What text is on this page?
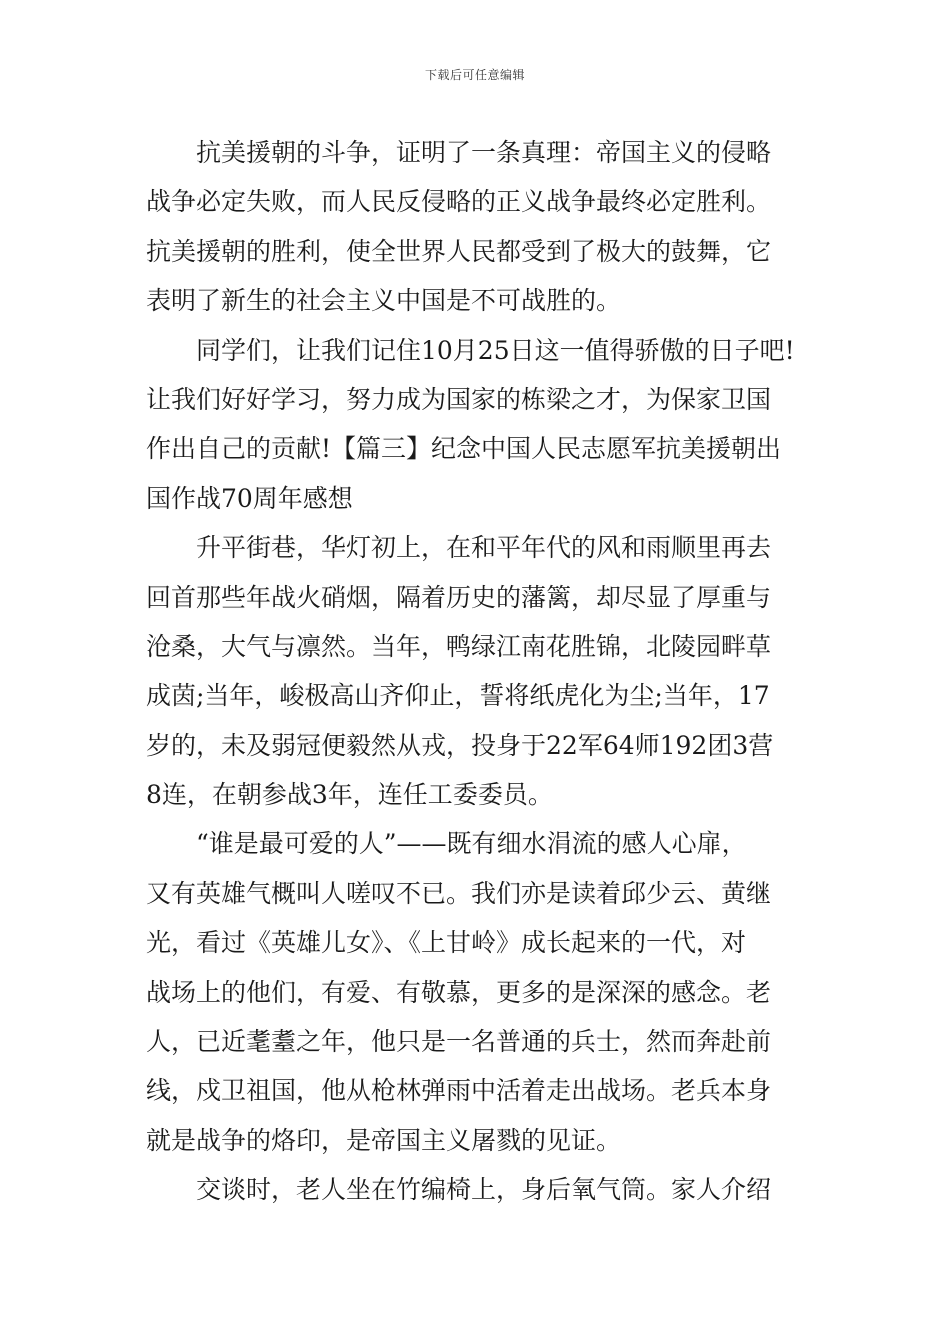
下载后可任意编辑
抗美援朝的斗争，证明了一条真理：帝国主义的侵略
战争必定失败，而人民反侵略的正义战争最终必定胜利。
抗美援朝的胜利，使全世界人民都受到了极大的鼓舞，它
表明了新生的社会主义中国是不可战胜的。
同学们，让我们记住10月25日这一值得骄傲的日子吧!
让我们好好学习，努力成为国家的栋梁之才，为保家卫国
作出自己的贡献!【篇三】纪念中国人民志愿军抗美援朝出
国作战70周年感想
升平街巷，华灯初上，在和平年代的风和雨顺里再去
回首那些年战火硝烟，隔着历史的藩篱，却尽显了厚重与
沧桑，大气与凛然。当年，鸭绿江南花胜锦，北陵园畔草
成茵;当年，峻极高山齐仰止，誓将纸虎化为尘;当年，17
岁的，未及弱冠便毅然从戎，投身于22军64师192团3营
8连，在朝参战3年，连任工委委员。
“谁是最可爱的人”——既有细水涓流的感人心扉，
又有英雄气概叫人嗟叹不已。我们亦是读着邱少云、黄继
光，看过《英雄儿女》、《上甘岭》成长起来的一代，对
战场上的他们，有爱、有敬慕，更多的是深深的感念。老
人，已近耄耋之年，他只是一名普通的兵士，然而奔赴前
线，戍卫祖国，他从枪林弹雨中活着走出战场。老兵本身
就是战争的烙印，是帝国主义屠戮的见证。
交谈时，老人坐在竹编椅上，身后氧气筒。家人介绍
